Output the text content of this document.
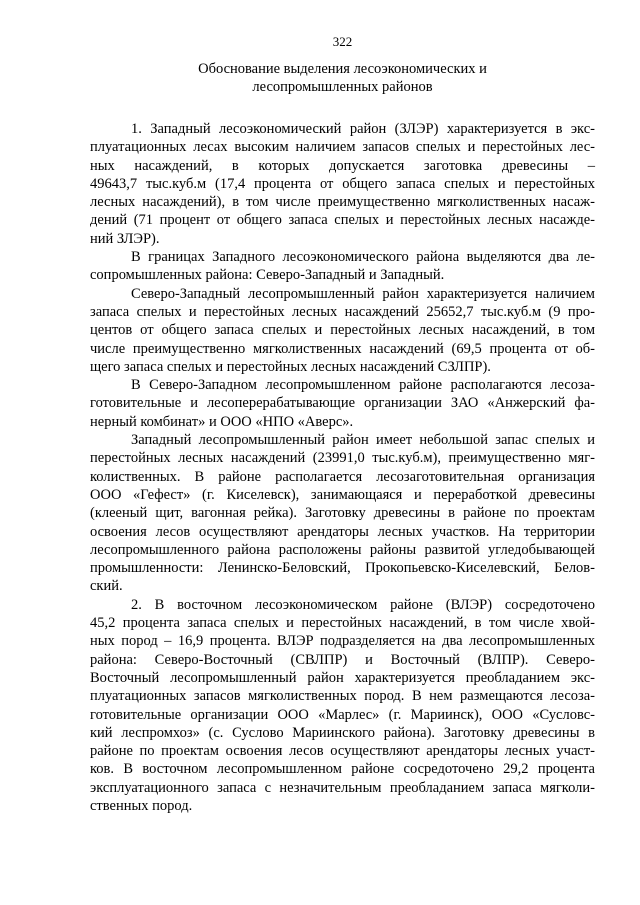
322
Обоснование выделения лесоэкономических и
лесопромышленных районов
1. Западный лесоэкономический район (ЗЛЭР) характеризуется в экс-
плуатационных лесах высоким наличием запасов спелых и перестойных лес-
ных насаждений, в которых допускается заготовка древесины –
49643,7 тыс.куб.м (17,4 процента от общего запаса спелых и перестойных
лесных насаждений), в том числе преимущественно мягколиственных насаж-
дений (71 процент от общего запаса спелых и перестойных лесных насажде-
ний ЗЛЭР).
В границах Западного лесоэкономического района выделяются два ле-
сопромышленных района: Северо-Западный и Западный.
Северо-Западный лесопромышленный район характеризуется наличием
запаса спелых и перестойных лесных насаждений 25652,7 тыс.куб.м (9 про-
центов от общего запаса спелых и перестойных лесных насаждений, в том
числе преимущественно мягколиственных насаждений (69,5 процента от об-
щего запаса спелых и перестойных лесных насаждений СЗЛПР).
В Северо-Западном лесопромышленном районе располагаются лесоза-
готовительные и лесоперерабатывающие организации ЗАО «Анжерский фа-
нерный комбинат» и ООО «НПО «Аверс».
Западный лесопромышленный район имеет небольшой запас спелых и
перестойных лесных насаждений (23991,0 тыс.куб.м), преимущественно мяг-
колиственных. В районе располагается лесозаготовительная организация
ООО «Гефест» (г. Киселевск), занимающаяся и переработкой древесины
(клееный щит, вагонная рейка). Заготовку древесины в районе по проектам
освоения лесов осуществляют арендаторы лесных участков. На территории
лесопромышленного района расположены районы развитой угледобывающей
промышленности: Ленинско-Беловский, Прокопьевско-Киселевский, Белов-
ский.
2. В восточном лесоэкономическом районе (ВЛЭР) сосредоточено
45,2 процента запаса спелых и перестойных насаждений, в том числе хвой-
ных пород – 16,9 процента. ВЛЭР подразделяется на два лесопромышленных
района: Северо-Восточный (СВЛПР) и Восточный (ВЛПР). Северо-
Восточный лесопромышленный район характеризуется преобладанием экс-
плуатационных запасов мягколиственных пород. В нем размещаются лесоза-
готовительные организации ООО «Марлес» (г. Мариинск), ООО «Сусловс-
кий леспромхоз» (с. Суслово Мариинского района). Заготовку древесины в
районе по проектам освоения лесов осуществляют арендаторы лесных участ-
ков. В восточном лесопромышленном районе сосредоточено 29,2 процента
эксплуатационного запаса с незначительным преобладанием запаса мягколи-
ственных пород.
